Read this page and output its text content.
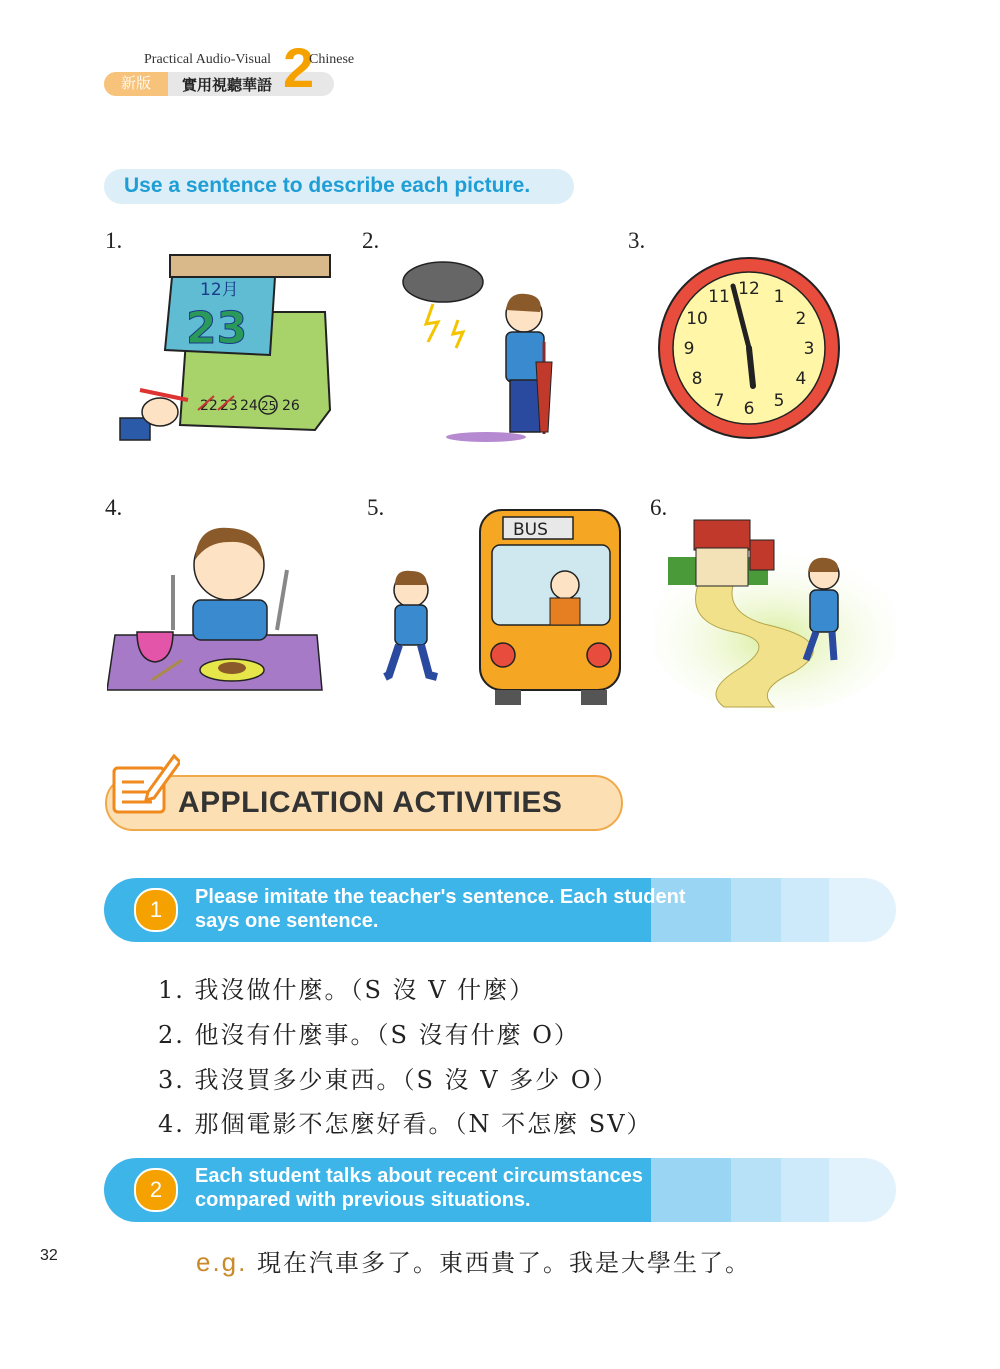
新版
Practical Audio-Visual 2
Chinese
實用視聽華語
Use a sentence to describe each picture.
1.	2.	3.
4.	5.	6.
12月
23
22 23 24 25 26
12 1
2
3
4
5
6
7
8
9
10
11
BUS
APPLICATION ACTIVITIES
1	Please imitate the teacher's sentence. Each student says one sentence.
1. 我沒做什麼。（S 沒 V 什麼）
2. 他沒有什麼事。（S 沒有什麼 O）
3. 我沒買多少東西。（S 沒 V 多少 O）
4. 那個電影不怎麼好看。（N 不怎麼 SV）
2
Each student talks about recent circumstances compared with previous situations.
e.g. 現在汽車多了。東西貴了。我是大學生了。
32
